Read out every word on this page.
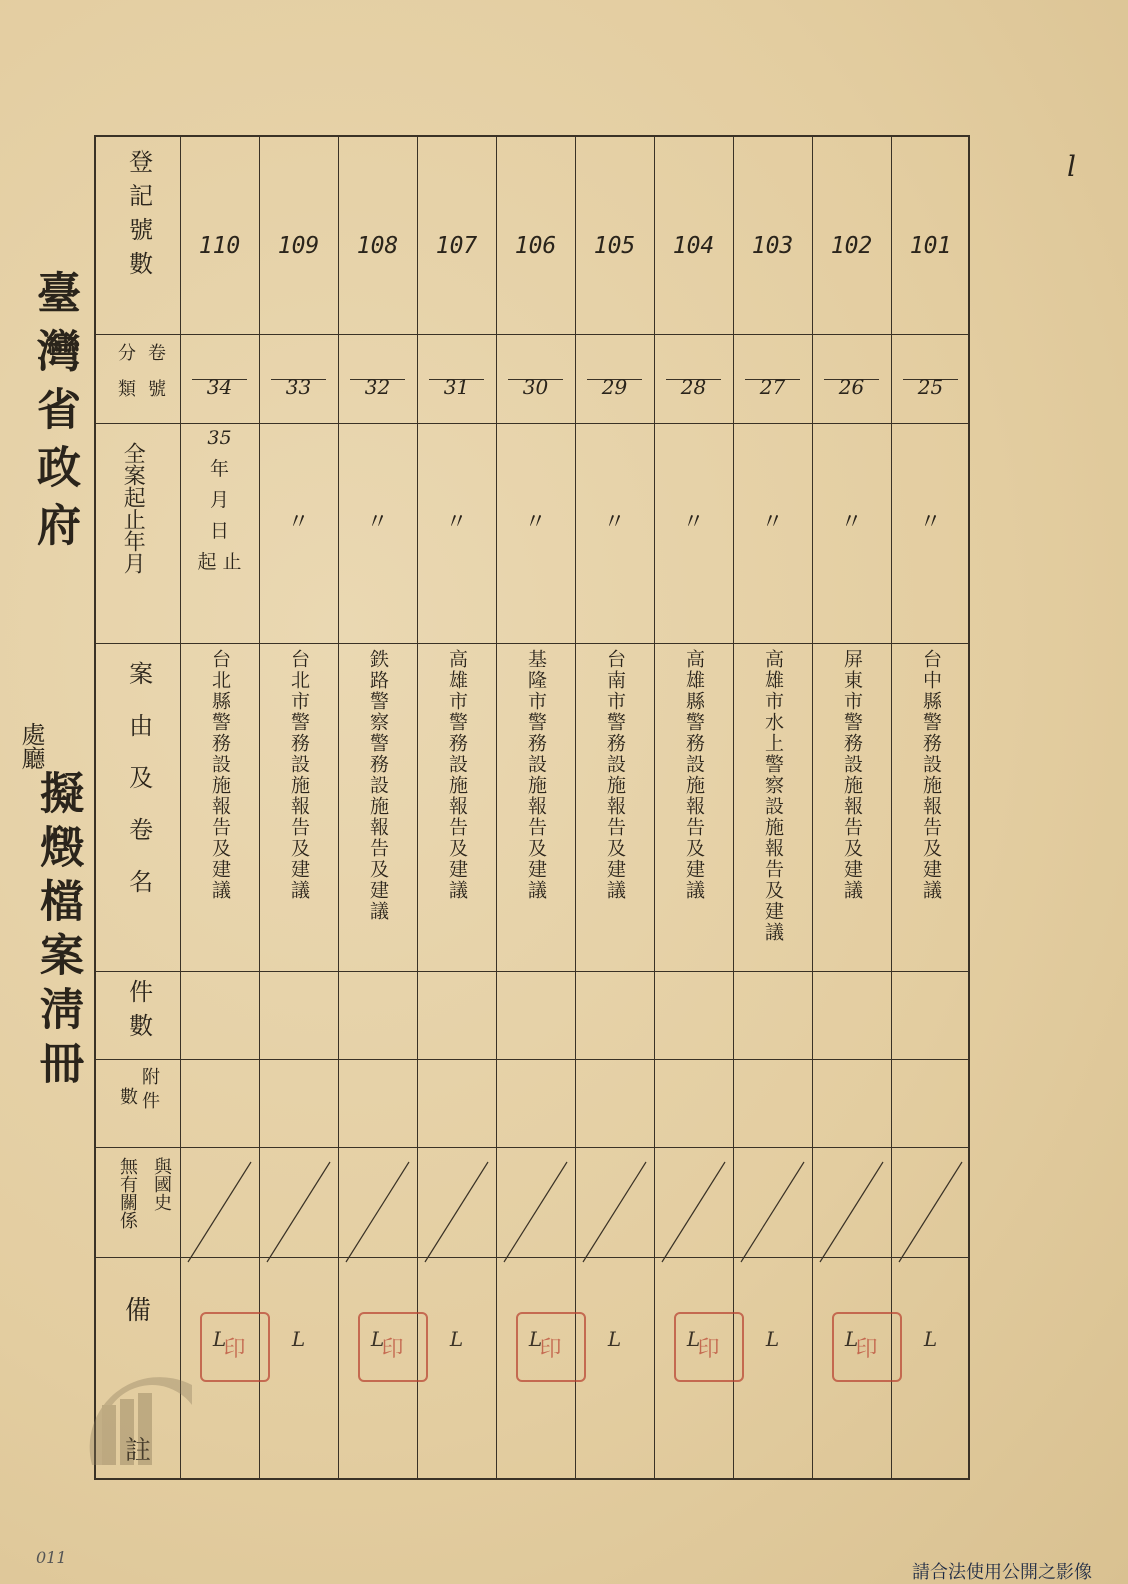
臺灣省政府
處廳
擬燬檔案淸冊
l
登記號數
卷號
分類
全案起止年月
案由及卷名
件數
附件
數
與國史
無有關係
備
註
110
34
35
年
月
日
起 止
台北縣警務設施報告及建議
L
印
109
33
〃
台北市警務設施報告及建議
L
108
32
〃
鉄路警察警務設施報告及建議
L
印
107
31
〃
高雄市警務設施報告及建議
L
106
30
〃
基隆市警務設施報告及建議
L
印
105
29
〃
台南市警務設施報告及建議
L
104
28
〃
高雄縣警務設施報告及建議
L
印
103
27
〃
高雄市水上警察設施報告及建議
L
102
26
〃
屏東市警務設施報告及建議
L
印
101
25
〃
台中縣警務設施報告及建議
L
011
請合法使用公開之影像
